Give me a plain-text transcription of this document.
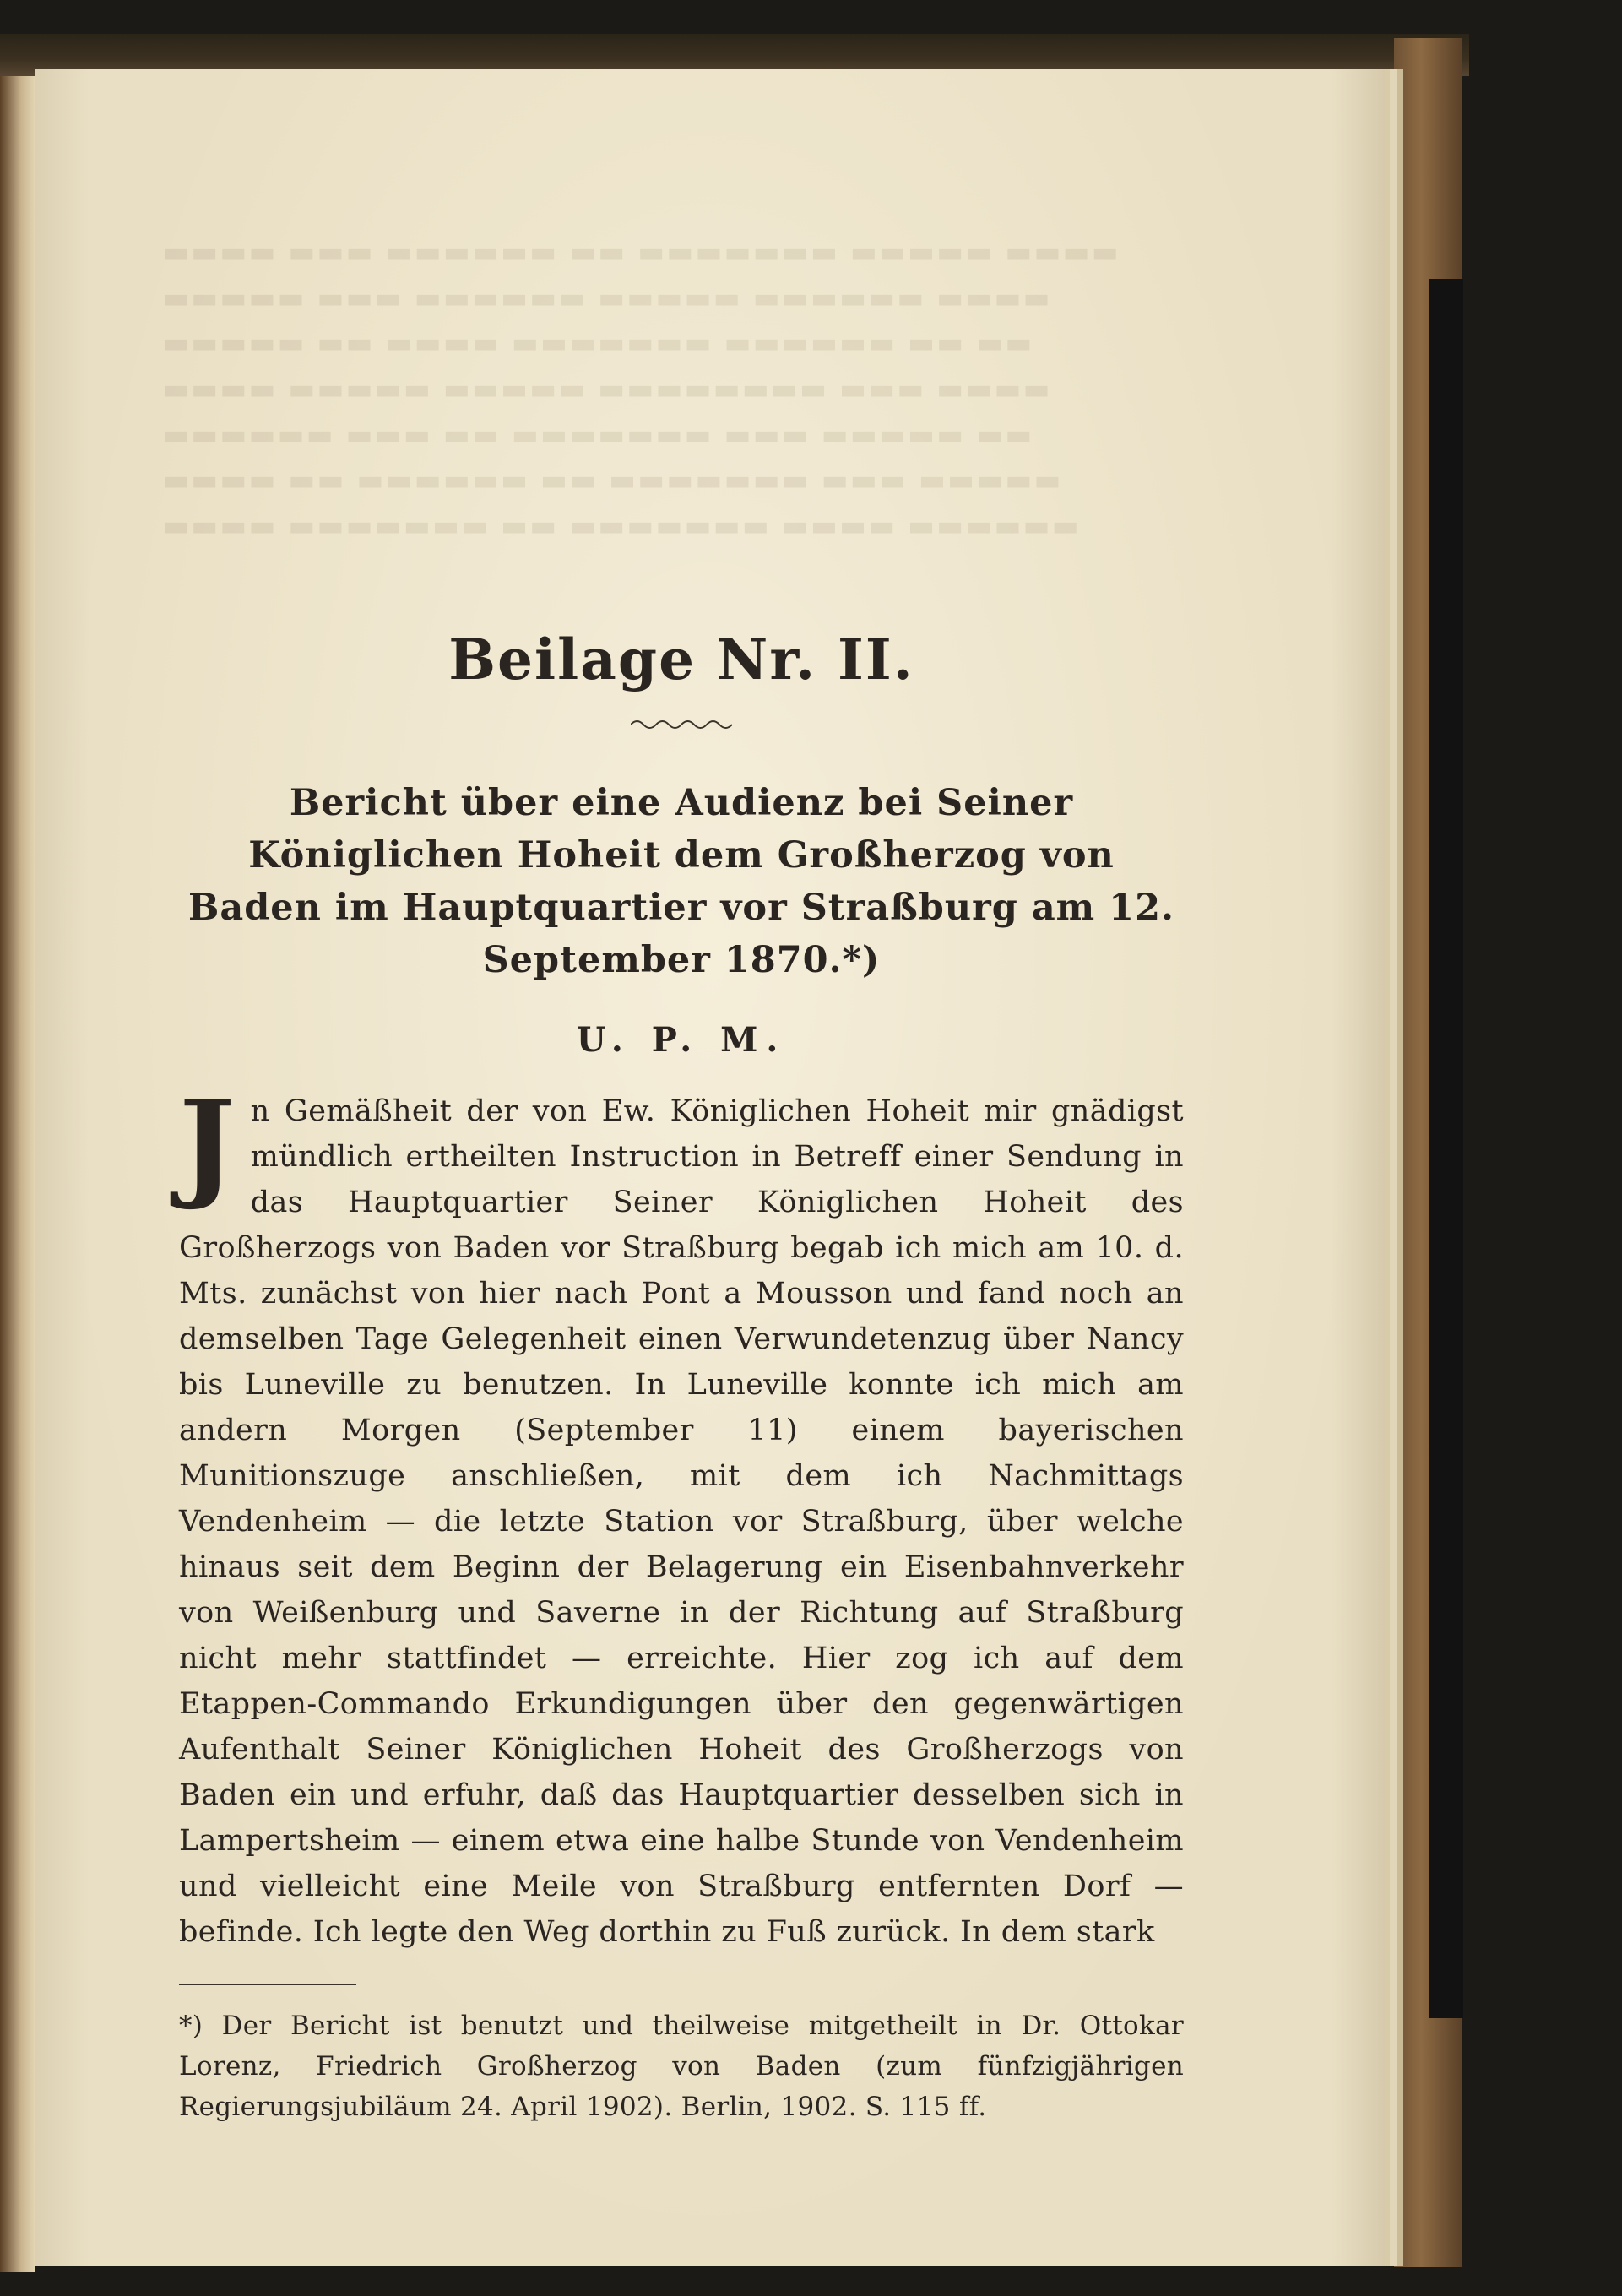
▬▬▬▬ ▬▬▬ ▬▬▬▬▬▬ ▬▬ ▬▬▬▬▬▬▬ ▬▬▬▬▬ ▬▬▬▬
▬▬▬▬▬ ▬▬▬ ▬▬▬▬▬▬ ▬▬▬▬▬ ▬▬▬▬▬▬ ▬▬▬▬
▬▬▬▬▬ ▬▬ ▬▬▬▬ ▬▬▬▬▬▬▬ ▬▬▬▬▬▬ ▬▬ ▬▬
▬▬▬▬ ▬▬▬▬▬ ▬▬▬▬▬ ▬▬▬▬▬▬▬▬ ▬▬▬ ▬▬▬▬
▬▬▬▬▬▬ ▬▬▬ ▬▬ ▬▬▬▬▬▬▬ ▬▬▬ ▬▬▬▬▬ ▬▬
▬▬▬▬ ▬▬ ▬▬▬▬▬▬ ▬▬ ▬▬▬▬▬▬▬ ▬▬▬ ▬▬▬▬▬
▬▬▬▬ ▬▬▬▬▬▬▬ ▬▬ ▬▬▬▬▬▬▬ ▬▬▬▬ ▬▬▬▬▬▬
Beilage Nr. II.

Bericht über eine Audienz bei Seiner Königlichen Hoheit dem Großherzog von Baden im Hauptquartier vor Straßburg am 12. September 1870.*)

U. P. M.

Jn Gemäßheit der von Ew. Königlichen Hoheit mir gnädigst mündlich ertheilten Instruction in Betreff einer Sendung in das Hauptquartier Seiner Königlichen Hoheit des Großherzogs von Baden vor Straßburg begab ich mich am 10. d. Mts. zunächst von hier nach Pont a Mousson und fand noch an demselben Tage Gelegenheit einen Verwundetenzug über Nancy bis Luneville zu benutzen. In Luneville konnte ich mich am andern Morgen (September 11) einem bayerischen Munitionszuge anschließen, mit dem ich Nachmittags Vendenheim — die letzte Station vor Straßburg, über welche hinaus seit dem Beginn der Belagerung ein Eisenbahnverkehr von Weißenburg und Saverne in der Richtung auf Straßburg nicht mehr stattfindet — erreichte. Hier zog ich auf dem Etappen-Commando Erkundigungen über den gegenwärtigen Aufenthalt Seiner Königlichen Hoheit des Großherzogs von Baden ein und erfuhr, daß das Hauptquartier desselben sich in Lampertsheim — einem etwa eine halbe Stunde von Vendenheim und vielleicht eine Meile von Straßburg entfernten Dorf — befinde. Ich legte den Weg dorthin zu Fuß zurück. In dem stark

*) Der Bericht ist benutzt und theilweise mitgetheilt in Dr. Ottokar Lorenz, Friedrich Großherzog von Baden (zum fünfzigjährigen Regierungsjubiläum 24. April 1902). Berlin, 1902. S. 115 ff.
